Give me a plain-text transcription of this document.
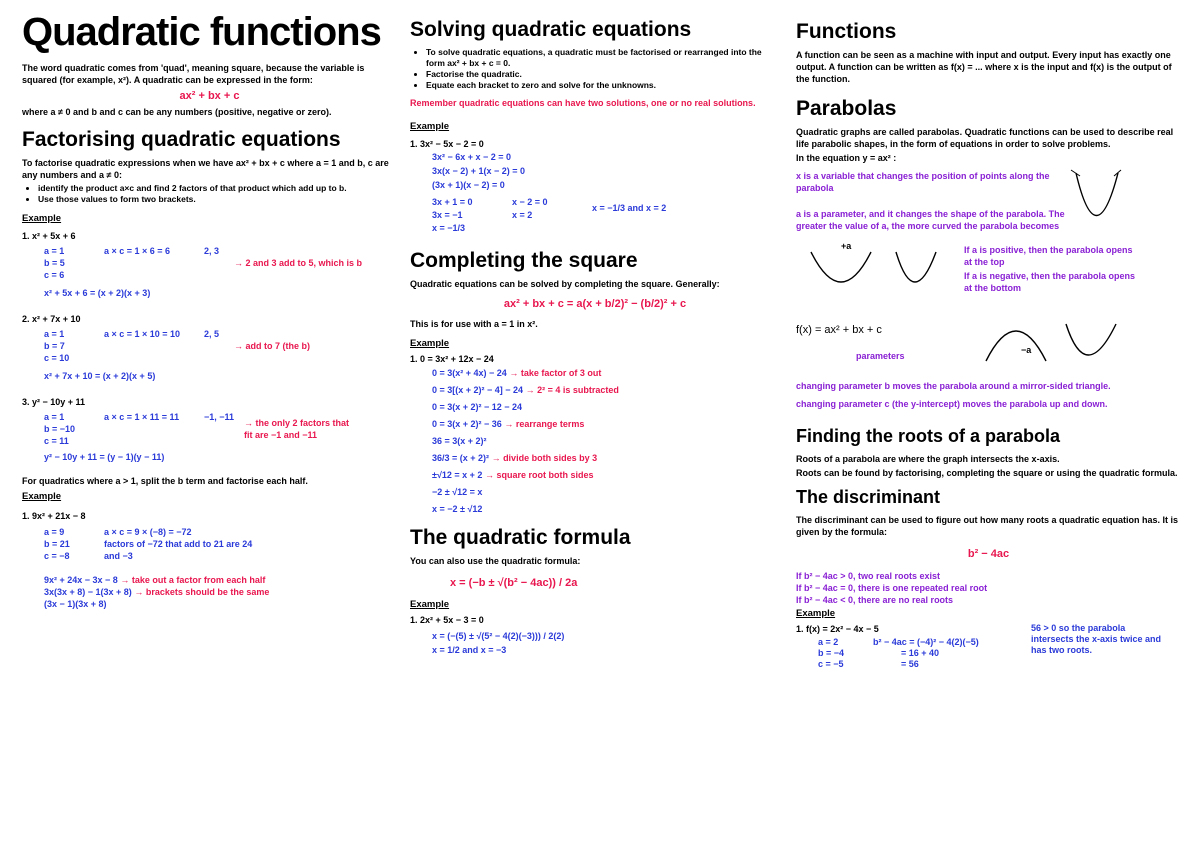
Quadratic functions
The word quadratic comes from 'quad', meaning square, because the variable is squared (for example, x²). A quadratic can be expressed in the form:
ax² + bx + c
where a ≠ 0 and b and c can be any numbers (positive, negative or zero).
Factorising quadratic equations
To factorise quadratic expressions when we have ax² + bx + c where a = 1 and b, c are any numbers and a ≠ 0:
• identify the product a×c and find 2 factors of that product which add up to b.
• Use those values to form two brackets.
Example
1. x² + 5x + 6
a = 1
b = 5
c = 6
a × c = 1 × 6 = 6	2, 3
→ 2 and 3 add to 5, which is b
x² + 5x + 6 = (x + 2)(x + 3)
2. x² + 7x + 10
a = 1
b = 7
c = 10
a × c = 1 × 10 = 10	2, 5
→ add to 7 (the b)
x² + 7x + 10 = (x + 2)(x + 5)
3. y² − 10y + 11
a = 1
b = −10
c = 11
a × c = 1 × 11 = 11	−1, −11
→ the only 2 factors that fit are −1 and −11
y² − 10y + 11 = (y − 1)(y − 11)
For quadratics where a > 1, split the b term and factorise each half.
Example
1. 9x² + 21x − 8
a = 9
b = 21
c = −8
a × c = 9 × (−8) = −72
factors of −72 that add to 21 are 24 and −3
9x² + 24x − 3x − 8 → take out a factor from each half
3x(3x + 8) − 1(3x + 8) → brackets should be the same
(3x − 1)(3x + 8)
Solving quadratic equations
• To solve quadratic equations, a quadratic must be factorised or rearranged into the form ax² + bx + c = 0.
• Factorise the quadratic.
• Equate each bracket to zero and solve for the unknowns.
Remember quadratic equations can have two solutions, one or no real solutions.
Example
1. 3x² − 5x − 2 = 0
3x² − 6x + x − 2 = 0
3x(x − 2) + 1(x − 2) = 0
(3x + 1)(x − 2) = 0
3x + 1 = 0
3x = −1
x = −1/3
x − 2 = 0
x = 2
x = −1/3 and x = 2
Completing the square
Quadratic equations can be solved by completing the square. Generally:
ax² + bx + c = a(x + b/2)² − (b/2)² + c
This is for use with a = 1 in x².
Example
1. 0 = 3x² + 12x − 24
0 = 3(x² + 4x) − 24 → take factor of 3 out
0 = 3[(x + 2)² − 4] − 24 → 2² = 4 is subtracted
0 = 3(x + 2)² − 12 − 24
0 = 3(x + 2)² − 36 → rearrange terms
36 = 3(x + 2)²
36/3 = (x + 2)² → divide both sides by 3
±√12 = x + 2 → square root both sides
−2 ± √12 = x
x = −2 ± √12
The quadratic formula
You can also use the quadratic formula:
x = (−b ± √(b² − 4ac)) / 2a
Example
1. 2x² + 5x − 3 = 0
x = (−(5) ± √(5² − 4(2)(−3))) / 2(2)
x = 1/2 and x = −3
Functions
A function can be seen as a machine with input and output. Every input has exactly one output. A function can be written as f(x) = ... where x is the input and f(x) is the output of the function.
Parabolas
Quadratic graphs are called parabolas. Quadratic functions can be used to describe real life parabolic shapes, in the form of equations in order to solve problems.
In the equation y = ax² :
x is a variable that changes the position of points along the parabola
a is a parameter, and it changes the shape of the parabola. The greater the value of a, the more curved the parabola becomes
If a is positive, then the parabola opens at the top
If a is negative, then the parabola opens at the bottom
+a
f(x) = ax² + bx + c
parameters
−a
changing parameter b moves the parabola around a mirror-sided triangle.
changing parameter c (the y-intercept) moves the parabola up and down.
Finding the roots of a parabola
Roots of a parabola are where the graph intersects the x-axis.
Roots can be found by factorising, completing the square or using the quadratic formula.
The discriminant
The discriminant can be used to figure out how many roots a quadratic equation has. It is given by the formula:
b² − 4ac
If b² − 4ac > 0, two real roots exist
If b² − 4ac = 0, there is one repeated real root
If b² − 4ac < 0, there are no real roots
Example
1. f(x) = 2x² − 4x − 5
a = 2
b = −4
c = −5
b² − 4ac = (−4)² − 4(2)(−5)
= 16 + 40
= 56
56 > 0 so the parabola intersects the x-axis twice and has two roots.
